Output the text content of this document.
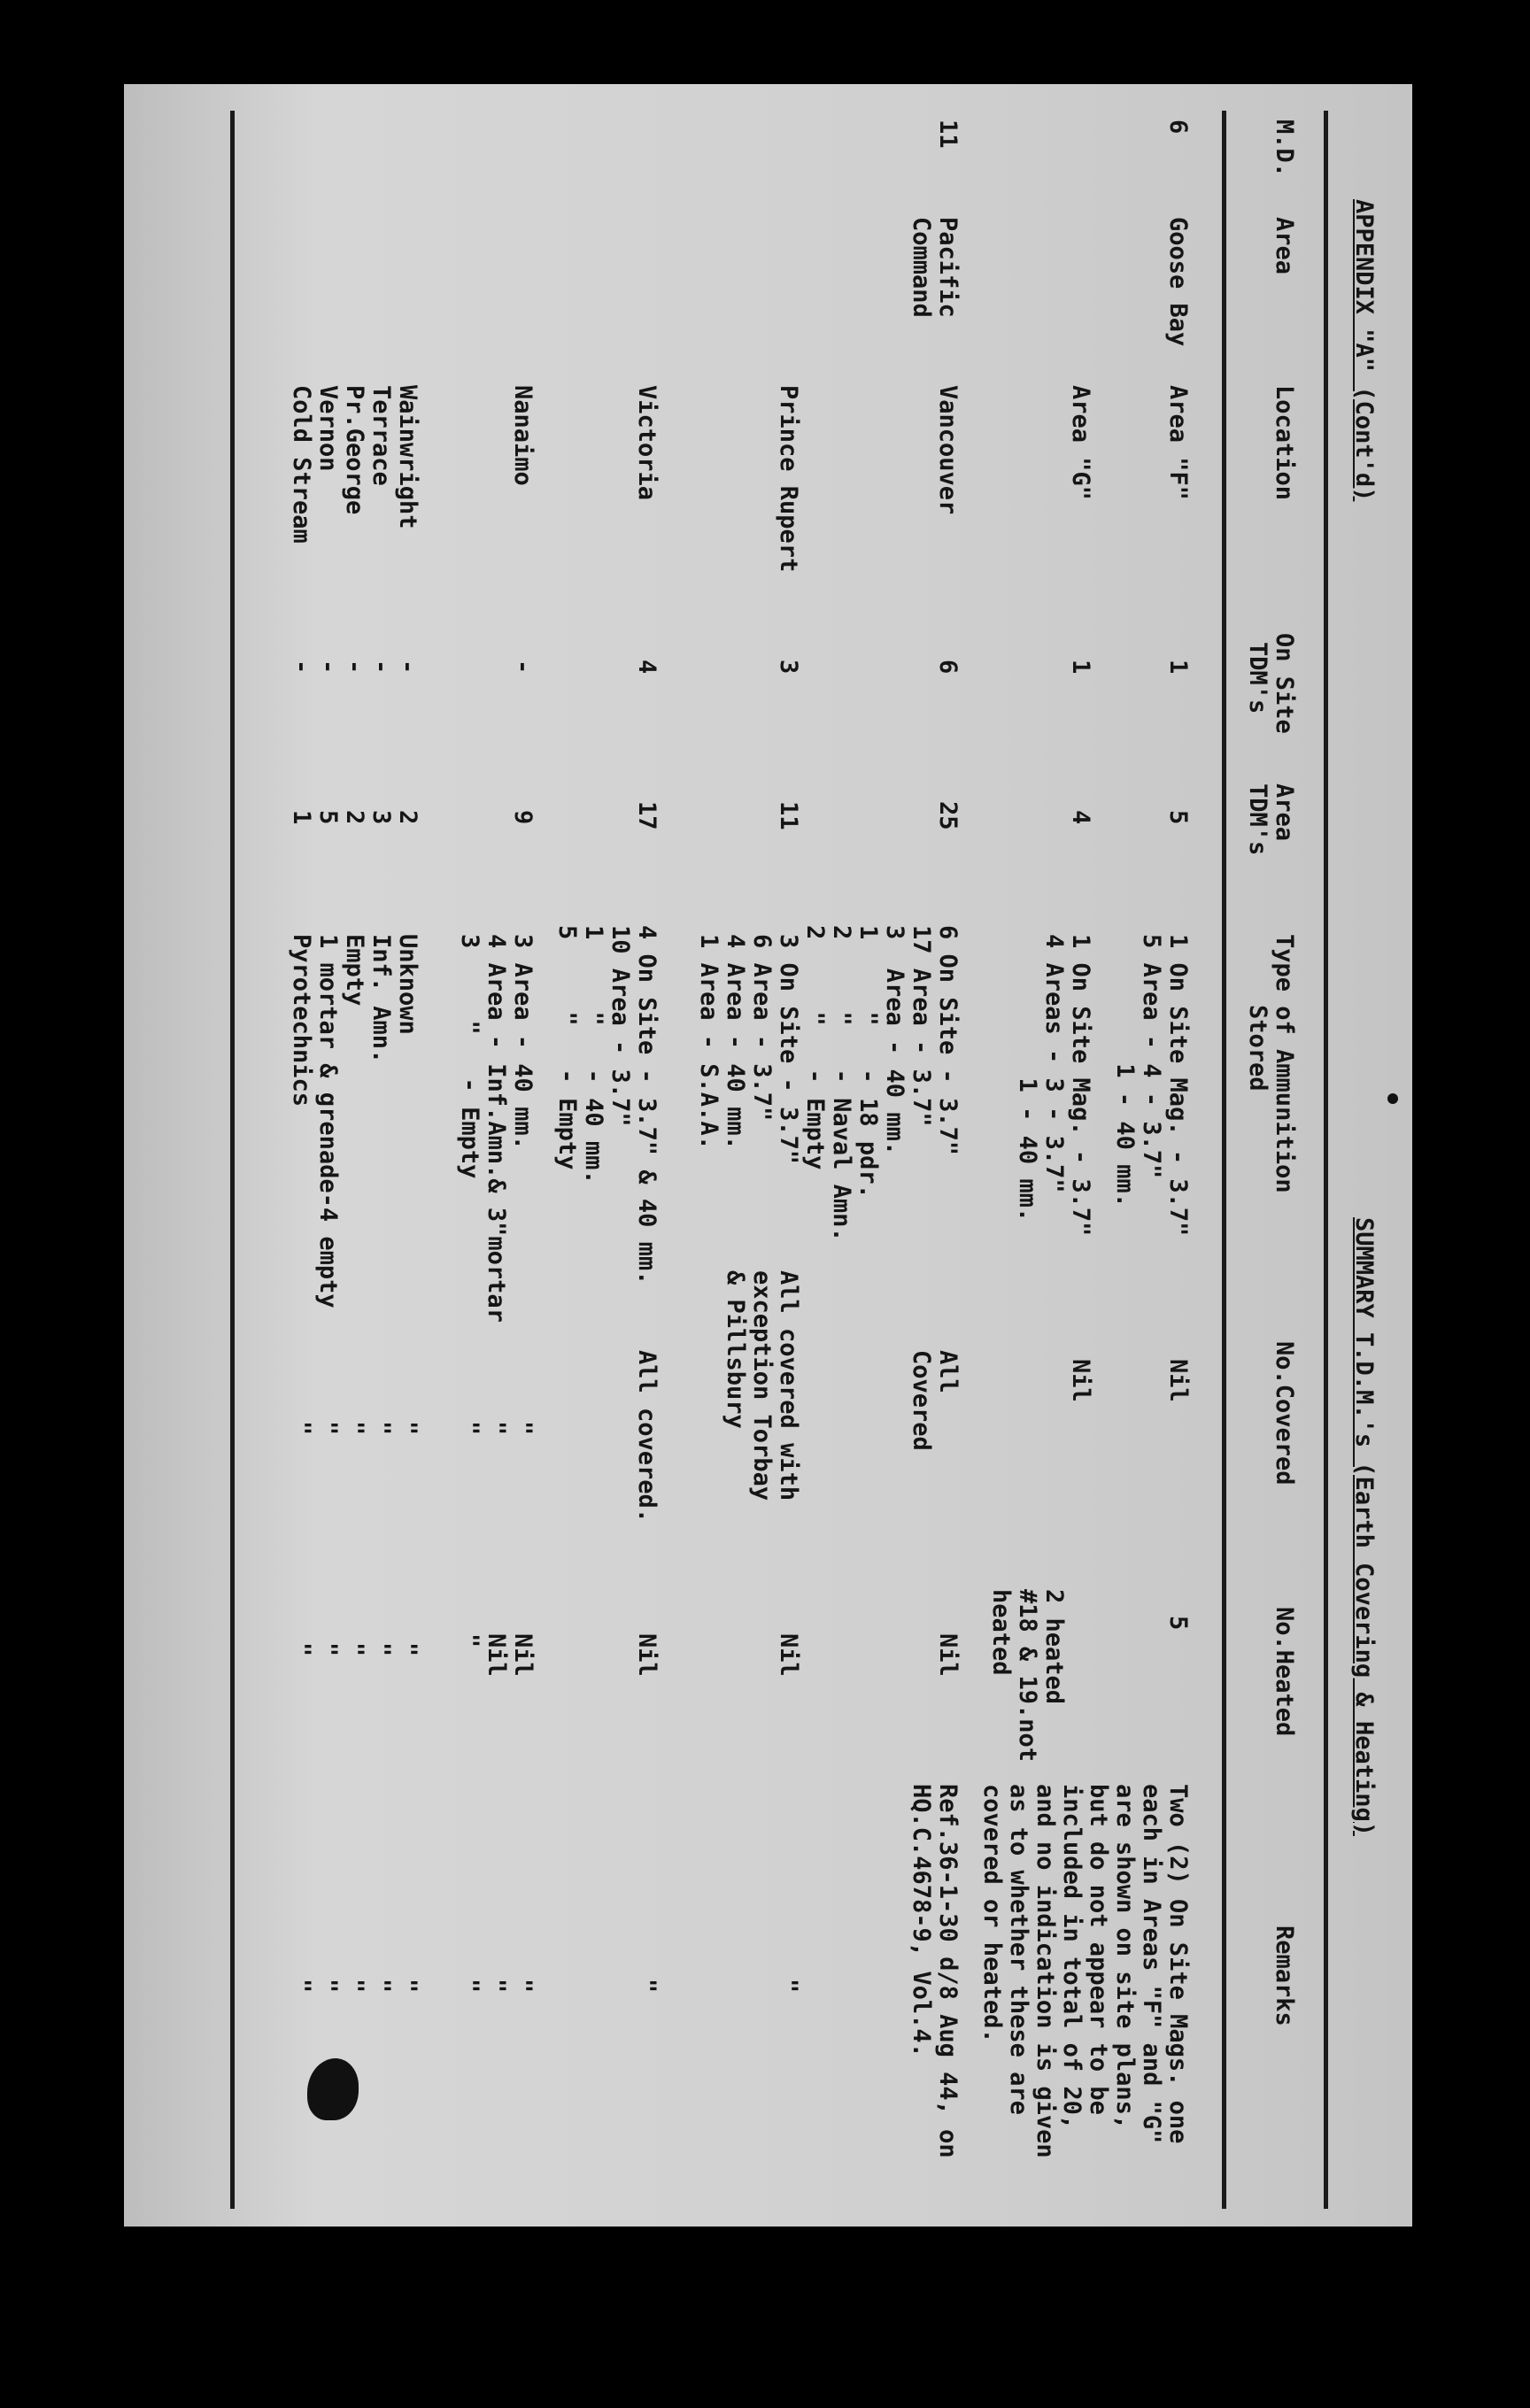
APPENDIX "A" (Cont'd)
SUMMARY T.D.M.'s (Earth Covering & Heating)
M.D.
Area
Location
On Site
TDM's
Area
TDM's
Type of Ammunition
Stored
No.Covered
No.Heated
Remarks
6
Goose Bay
Area "F"
1
5
1 On Site Mag. - 3.7"
5 Area - 4 - 3.7"
1 - 40 mm.
Nil
5
Two (2) On Site Mags. one each in Areas "F" and "G" are shown on site plans, but do not appear to be included in total of 20, and no indication is given as to whether these are covered or heated.
Area "G"
1
4
1 On Site Mag. - 3.7"
4 Areas - 3 - 3.7"
1 - 40 mm.
Nil
2 heated
#18 & 19.not
heated
11
Pacific
Command
Vancouver
6
25
6 On Site - 3.7"
17 Area - 3.7"
3  Area - 40 mm.
1     "   - 18 pdr.
2     "   - Naval Amn.
2     "   - Empty
All
Covered
Nil
Ref.36-1-30 d/8 Aug 44, on HQ.C.4678-9, Vol.4.
Prince Rupert
3
11
3 On Site - 3.7"
6 Area - 3.7"
4 Area - 40 mm.
1 Area - S.A.A.
All covered with
exception Torbay
& Pillsbury
Nil
"
Victoria
4
17
4 On Site - 3.7" & 40 mm.
10 Area - 3.7"
1     "   - 40 mm.
5     "   - Empty
All covered.
Nil
"
Nanaimo
-
9
3 Area - 40 mm.
4 Area - Inf.Amn.& 3"mortar
3     "   - Empty
"
"
"
Nil
Nil
"
"
"
"
Wainwright
Terrace
Pr.George
Vernon
Cold Stream
-
-
-
-
-
2
3
2
5
1
Unknown
Inf. Amn.
Empty
1 mortar & grenade-4 empty
Pyrotechnics
"
"
"
"
"
"
"
"
"
"
"
"
"
"
"
